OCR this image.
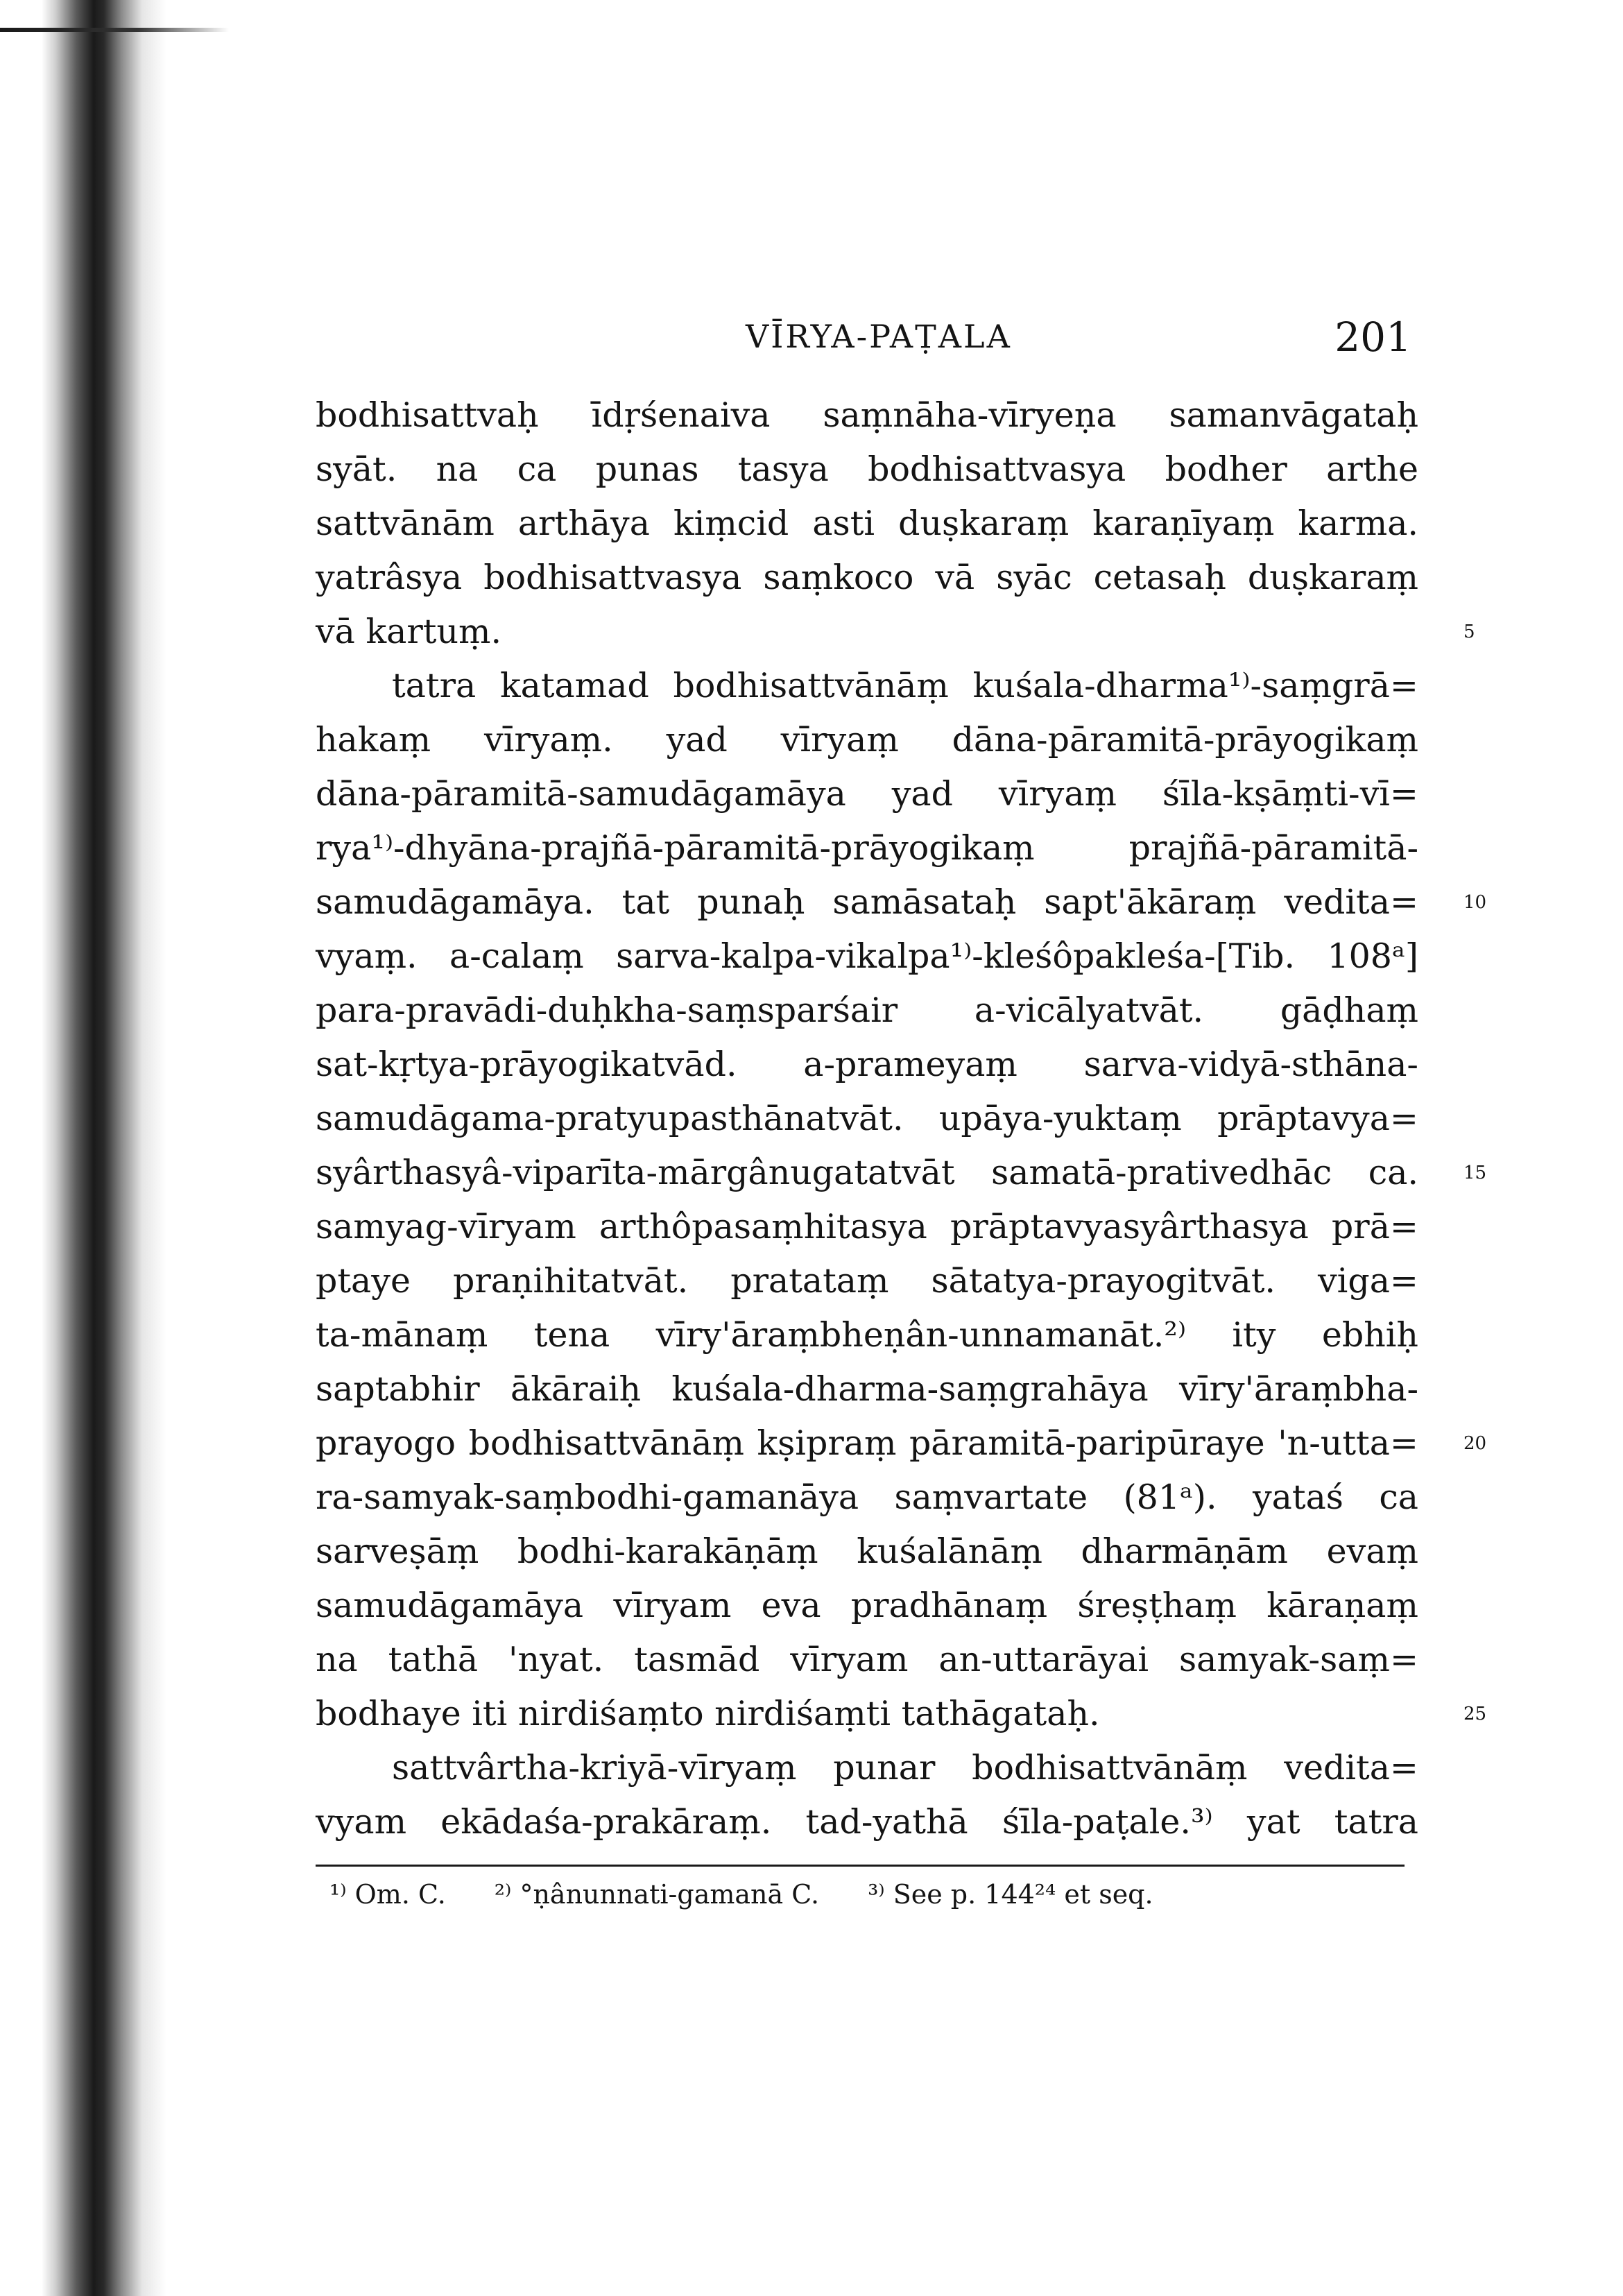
VĪRYA-PAṬALA	201
bodhisattvaḥ īdṛśenaiva saṃnāha-vīryeṇa samanvāgataḥ
syāt. na ca punas tasya bodhisattvasya bodher arthe
sattvānām arthāya kiṃcid asti duṣkaraṃ karaṇīyaṃ karma.
yatrâsya bodhisattvasya saṃkoco vā syāc cetasaḥ duṣkaraṃ
vā kartuṃ.	5
tatra katamad bodhisattvānāṃ kuśala-dharma¹⁾-saṃgrā=
hakaṃ vīryaṃ. yad vīryaṃ dāna-pāramitā-prāyogikaṃ
dāna-pāramitā-samudāgamāya yad vīryaṃ śīla-kṣāṃti-vī=
rya¹⁾-dhyāna-prajñā-pāramitā-prāyogikaṃ prajñā-pāramitā-
samudāgamāya. tat punaḥ samāsataḥ sapt'ākāraṃ vedita=	10
vyaṃ. a-calaṃ sarva-kalpa-vikalpa¹⁾-kleśôpakleśa-[Tib. 108ᵃ]
para-pravādi-duḥkha-saṃsparśair a-vicālyatvāt. gāḍhaṃ
sat-kṛtya-prāyogikatvād. a-prameyaṃ sarva-vidyā-sthāna-
samudāgama-pratyupasthānatvāt. upāya-yuktaṃ prāptavya=
syârthasyâ-viparīta-mārgânugatatvāt samatā-prativedhāc ca.	15
samyag-vīryam arthôpasaṃhitasya prāptavyasyârthasya prā=
ptaye praṇihitatvāt. pratataṃ sātatya-prayogitvāt. viga=
ta-mānaṃ tena vīry'āraṃbheṇân-unnamanāt.²⁾ ity ebhiḥ
saptabhir ākāraiḥ kuśala-dharma-saṃgrahāya vīry'āraṃbha-
prayogo bodhisattvānāṃ kṣipraṃ pāramitā-paripūraye 'n-utta=	20
ra-samyak-saṃbodhi-gamanāya saṃvartate (81ᵃ). yataś ca
sarveṣāṃ bodhi-karakāṇāṃ kuśalānāṃ dharmāṇām evaṃ
samudāgamāya vīryam eva pradhānaṃ śreṣṭhaṃ kāraṇaṃ
na tathā 'nyat. tasmād vīryam an-uttarāyai samyak-saṃ=
bodhaye iti nirdiśaṃto nirdiśaṃti tathāgataḥ.	25
sattvârtha-kriyā-vīryaṃ punar bodhisattvānāṃ vedita=
vyam ekādaśa-prakāraṃ. tad-yathā śīla-paṭale.³⁾ yat tatra
¹⁾ Om. C. ²⁾ °ṇânunnati-gamanā C. ³⁾ See p. 144²⁴ et seq.
